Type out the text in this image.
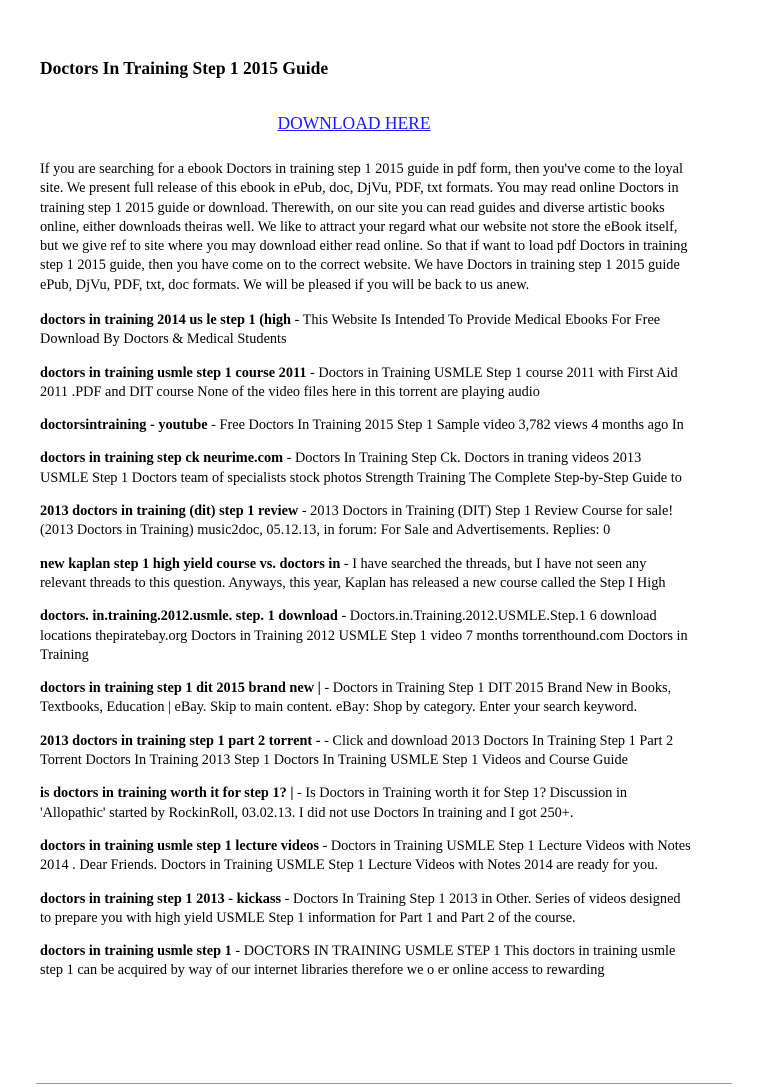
Doctors In Training Step 1 2015 Guide
DOWNLOAD HERE

If you are searching for a ebook Doctors in training step 1 2015 guide in pdf form, then you've come to the loyal site. We present full release of this ebook in ePub, doc, DjVu, PDF, txt formats. You may read online Doctors in training step 1 2015 guide or download. Therewith, on our site you can read guides and diverse artistic books online, either downloads theiras well. We like to attract your regard what our website not store the eBook itself, but we give ref to site where you may download either read online. So that if want to load pdf Doctors in training step 1 2015 guide, then you have come on to the correct website. We have Doctors in training step 1 2015 guide ePub, DjVu, PDF, txt, doc formats. We will be pleased if you will be back to us anew.

doctors in training 2014 us le step 1 (high - This Website Is Intended To Provide Medical Ebooks For Free Download By Doctors & Medical Students

doctors in training usmle step 1 course 2011 - Doctors in Training USMLE Step 1 course 2011 with First Aid 2011 .PDF and DIT course None of the video files here in this torrent are playing audio

doctorsintraining - youtube - Free Doctors In Training 2015 Step 1 Sample video 3,782 views 4 months ago In

doctors in training step ck neurime.com - Doctors In Training Step Ck. Doctors in traning videos 2013 USMLE Step 1 Doctors team of specialists stock photos Strength Training The Complete Step-by-Step Guide to

2013 doctors in training (dit) step 1 review - 2013 Doctors in Training (DIT) Step 1 Review Course for sale! (2013 Doctors in Training) music2doc, 05.12.13, in forum: For Sale and Advertisements. Replies: 0

new kaplan step 1 high yield course vs. doctors in - I have searched the threads, but I have not seen any relevant threads to this question. Anyways, this year, Kaplan has released a new course called the Step I High

doctors. in.training.2012.usmle. step. 1 download - Doctors.in.Training.2012.USMLE.Step.1 6 download locations thepiratebay.org Doctors in Training 2012 USMLE Step 1 video 7 months torrenthound.com Doctors in Training

doctors in training step 1 dit 2015 brand new | - Doctors in Training Step 1 DIT 2015 Brand New in Books, Textbooks, Education | eBay. Skip to main content. eBay: Shop by category. Enter your search keyword.

2013 doctors in training step 1 part 2 torrent - - Click and download 2013 Doctors In Training Step 1 Part 2 Torrent Doctors In Training 2013 Step 1 Doctors In Training USMLE Step 1 Videos and Course Guide

is doctors in training worth it for step 1? | - Is Doctors in Training worth it for Step 1? Discussion in 'Allopathic' started by RockinRoll, 03.02.13. I did not use Doctors In training and I got 250+.

doctors in training usmle step 1 lecture videos - Doctors in Training USMLE Step 1 Lecture Videos with Notes 2014 . Dear Friends. Doctors in Training USMLE Step 1 Lecture Videos with Notes 2014 are ready for you.

doctors in training step 1 2013 - kickass - Doctors In Training Step 1 2013 in Other. Series of videos designed to prepare you with high yield USMLE Step 1 information for Part 1 and Part 2 of the course.

doctors in training usmle step 1 - DOCTORS IN TRAINING USMLE STEP 1 This doctors in training usmle step 1 can be acquired by way of our internet libraries therefore we o er online access to rewarding
